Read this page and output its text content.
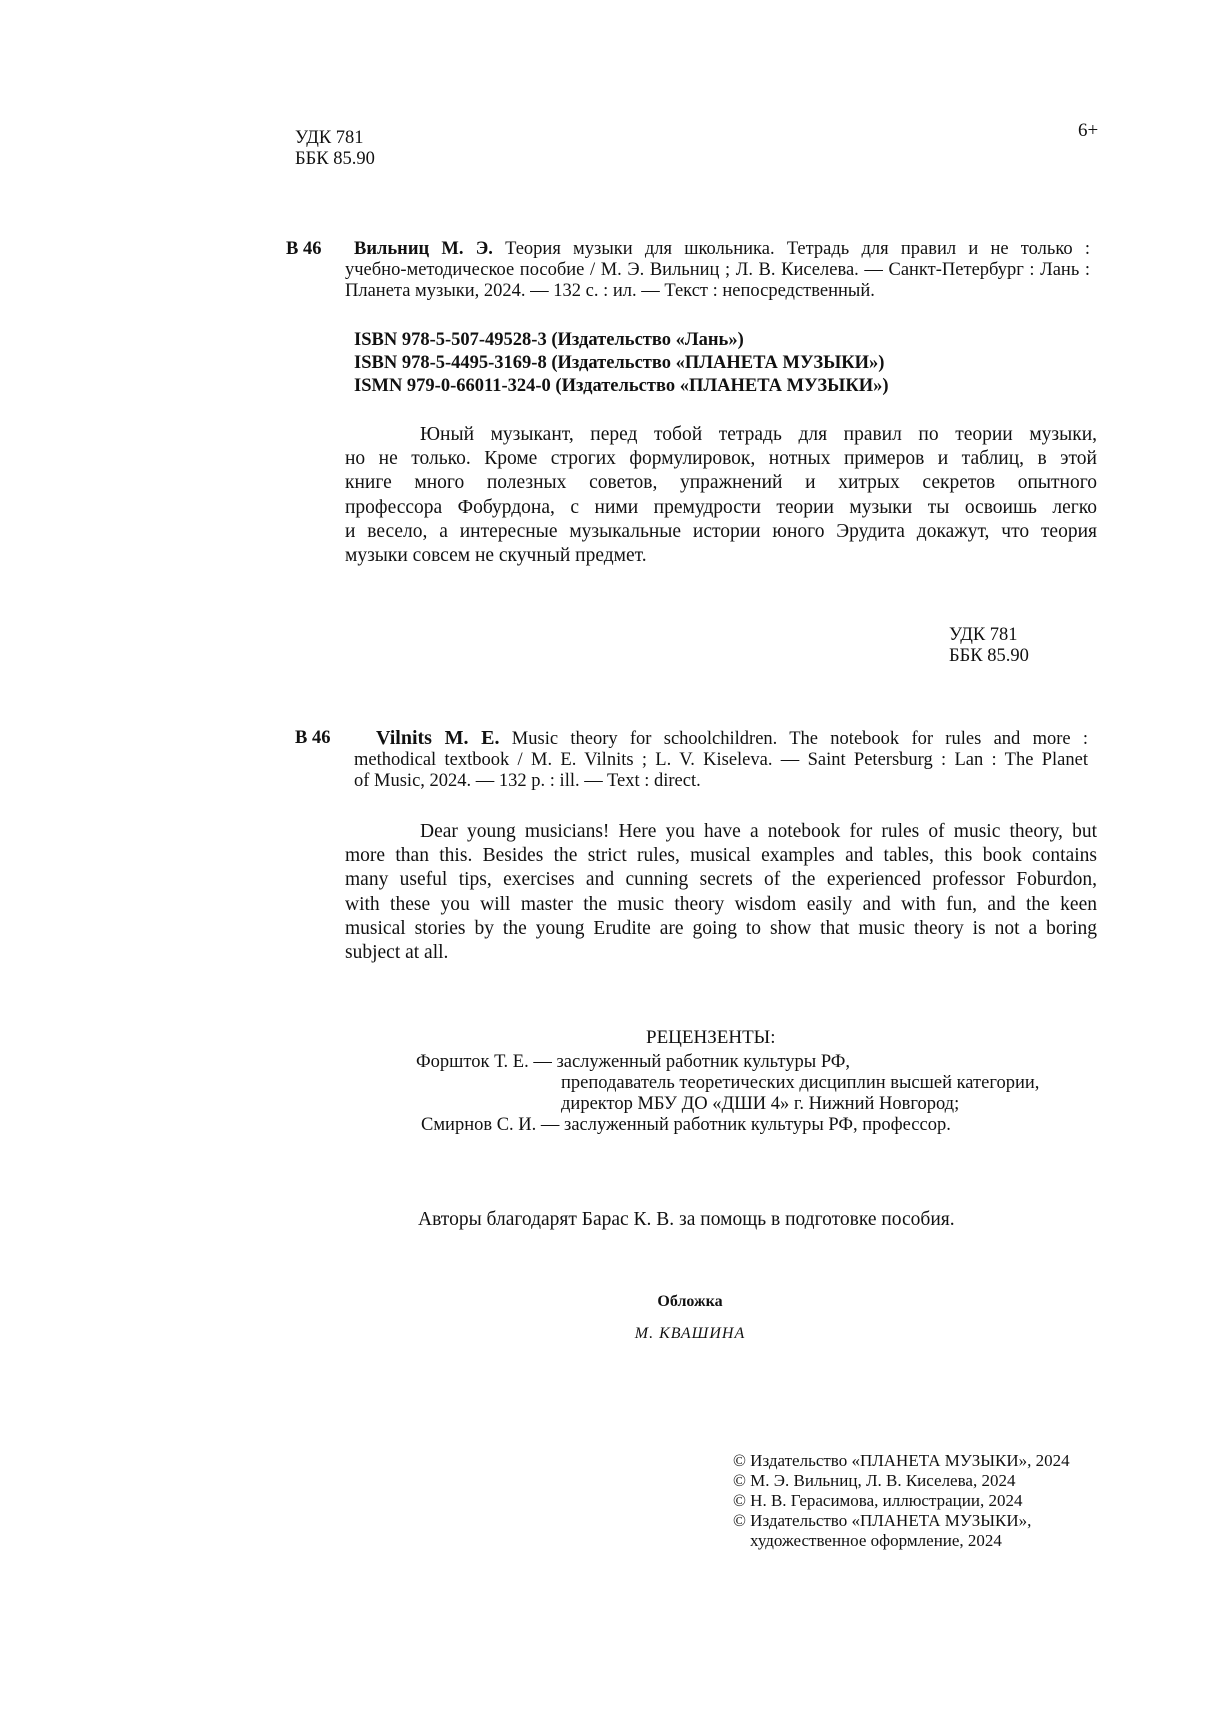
УДК 781
ББК 85.90
6+
В 46 Вильниц М. Э. Теория музыки для школьника. Тетрадь для правил и не только :
учебно-методическое пособие / М. Э. Вильниц ; Л. В. Киселева. — Санкт-Петербург : Лань :
Планета музыки, 2024. — 132 с. : ил. — Текст : непосредственный.
ISBN 978-5-507-49528-3 (Издательство «Лань»)
ISBN 978-5-4495-3169-8 (Издательство «ПЛАНЕТА МУЗЫКИ»)
ISMN 979-0-66011-324-0 (Издательство «ПЛАНЕТА МУЗЫКИ»)
Юный музыкант, перед тобой тетрадь для правил по теории музыки,
но не только. Кроме строгих формулировок, нотных примеров и таблиц, в этой
книге много полезных советов, упражнений и хитрых секретов опытного
профессора Фобурдона, с ними премудрости теории музыки ты освоишь легко
и весело, а интересные музыкальные истории юного Эрудита докажут, что теория
музыки совсем не скучный предмет.
УДК 781
ББК 85.90
В 46 Vilnits M. E. Music theory for schoolchildren. The notebook for rules and more :
methodical textbook / M. E. Vilnits ; L. V. Kiseleva. — Saint Petersburg : Lan : The Planet
of Music, 2024. — 132 p. : ill. — Text : direct.
Dear young musicians! Here you have a notebook for rules of music theory, but
more than this. Besides the strict rules, musical examples and tables, this book contains
many useful tips, exercises and cunning secrets of the experienced professor Foburdon,
with these you will master the music theory wisdom easily and with fun, and the keen
musical stories by the young Erudite are going to show that music theory is not a boring
subject at all.
РЕЦЕНЗЕНТЫ:
Форшток Т. Е. — заслуженный работник культуры РФ,
преподаватель теоретических дисциплин высшей категории,
директор МБУ ДО «ДШИ 4» г. Нижний Новгород;
Смирнов С. И. — заслуженный работник культуры РФ, профессор.
Авторы благодарят Барас К. В. за помощь в подготовке пособия.
Обложка
М. КВАШИНА
© Издательство «ПЛАНЕТА МУЗЫКИ», 2024
© М. Э. Вильниц, Л. В. Киселева, 2024
© Н. В. Герасимова, иллюстрации, 2024
© Издательство «ПЛАНЕТА МУЗЫКИ»,
художественное оформление, 2024
